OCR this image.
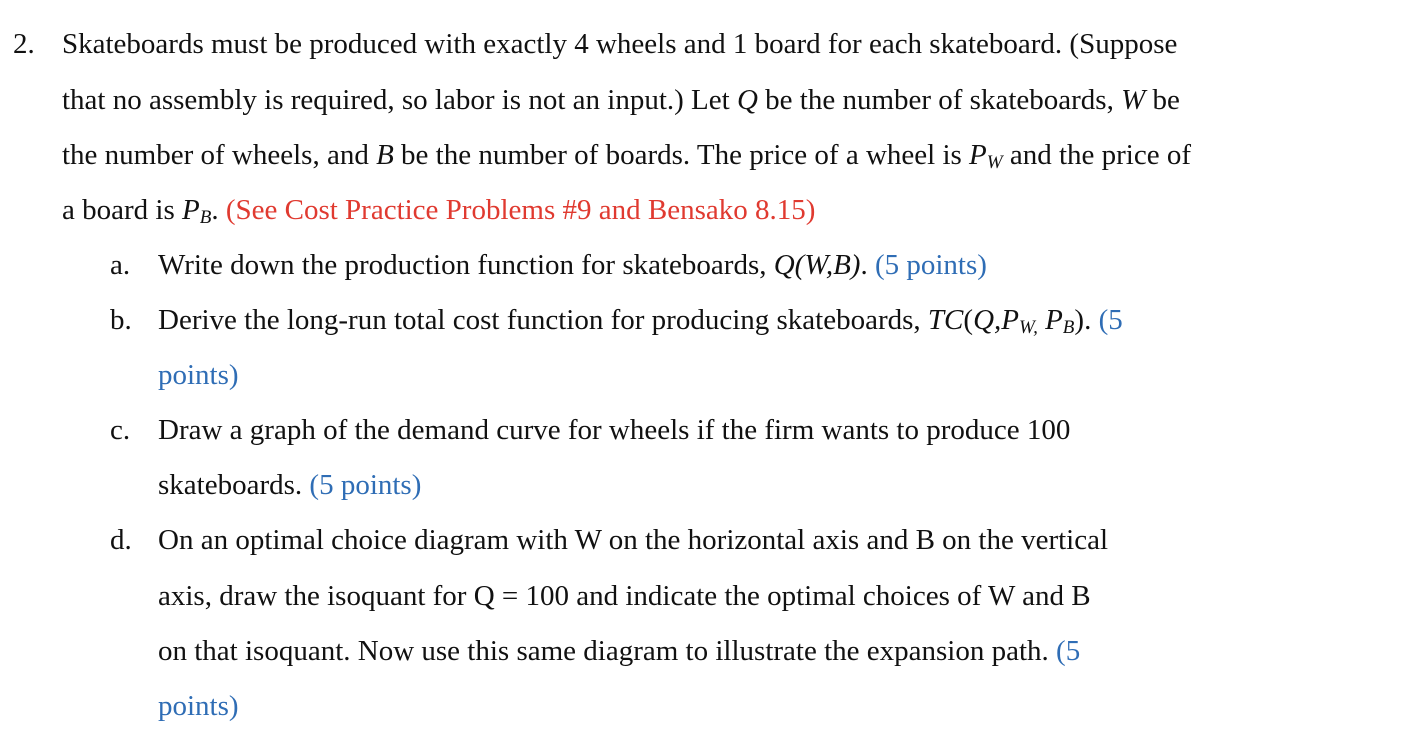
2. Skateboards must be produced with exactly 4 wheels and 1 board for each skateboard. (Suppose
that no assembly is required, so labor is not an input.) Let Q be the number of skateboards, W be
the number of wheels, and B be the number of boards. The price of a wheel is $P_W$ and the price of
a board is $P_B$. (See Cost Practice Problems #9 and Bensako 8.15)
a. Write down the production function for skateboards, Q(W,B). (5 points)
b. Derive the long-run total cost function for producing skateboards, $TC(Q,P_{W,}$ $P_B$). (5
points)
c. Draw a graph of the demand curve for wheels if the firm wants to produce 100
skateboards. (5 points)
d. On an optimal choice diagram with W on the horizontal axis and B on the vertical
axis, draw the isoquant for Q = 100 and indicate the optimal choices of W and B
on that isoquant. Now use this same diagram to illustrate the expansion path. (5
points)
